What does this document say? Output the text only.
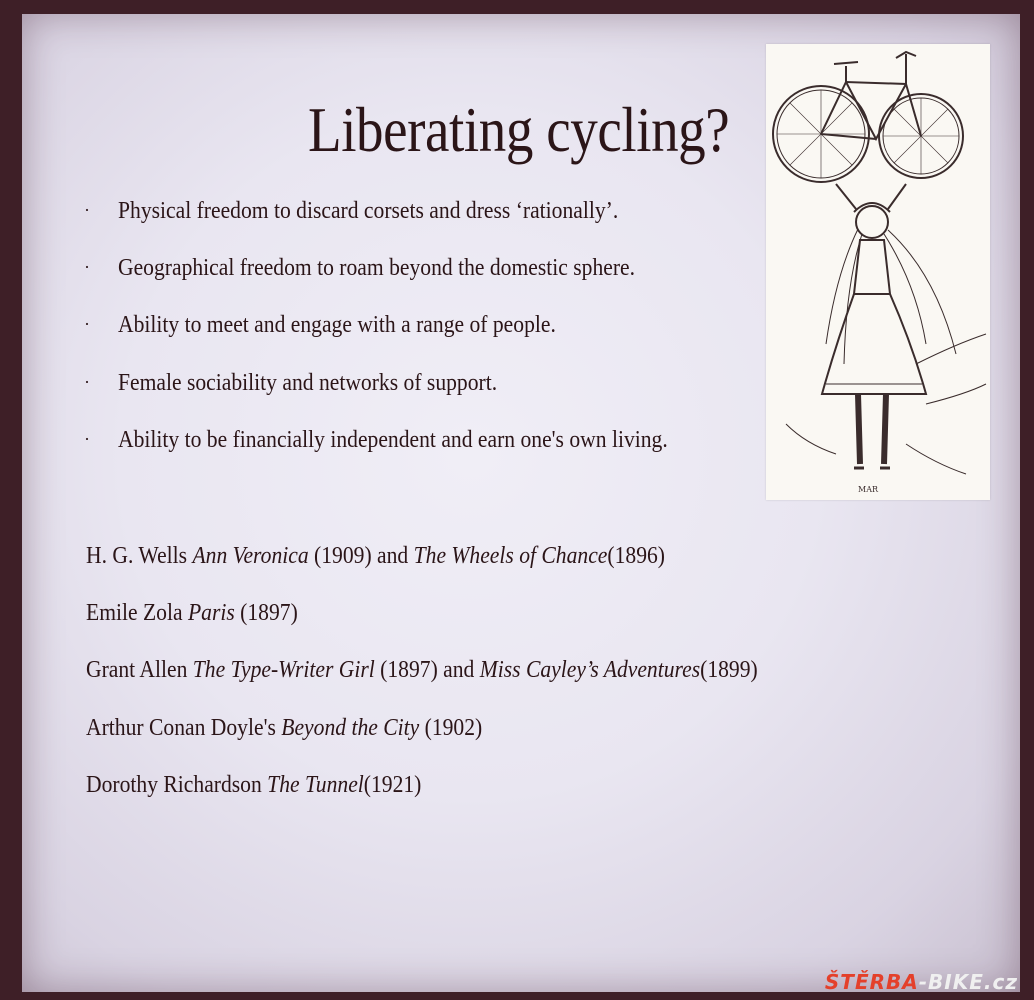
Liberating cycling?
· Physical freedom to discard corsets and dress ‘rationally’.
· Geographical freedom to roam beyond the domestic sphere.
· Ability to meet and engage with a range of people.
· Female sociability and networks of support.
· Ability to be financially independent and earn one's own living.
H. G. Wells Ann Veronica (1909) and The Wheels of Chance(1896)
Emile Zola Paris (1897)
Grant Allen The Type-Writer Girl (1897) and Miss Cayley’s Adventures(1899)
Arthur Conan Doyle's Beyond the City (1902)
Dorothy Richardson The Tunnel(1921)
MAR
ŠTĚRBA-BIKE.cz
